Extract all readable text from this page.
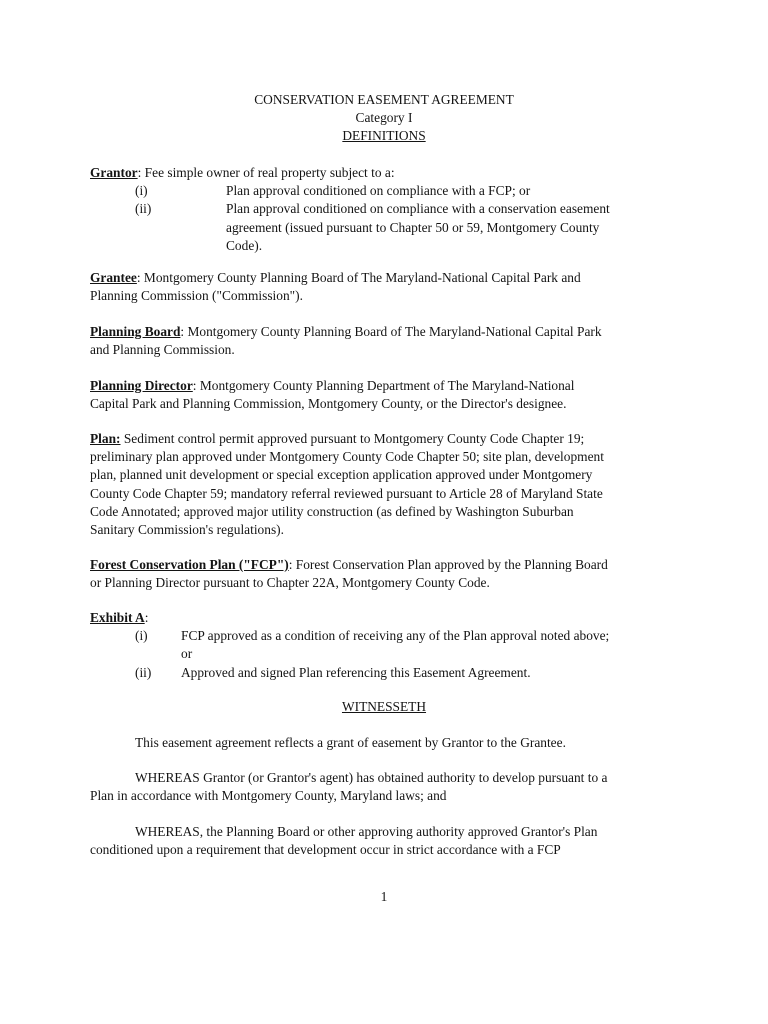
CONSERVATION EASEMENT AGREEMENT
Category I
DEFINITIONS
Grantor: Fee simple owner of real property subject to a:
(i)	Plan approval conditioned on compliance with a FCP; or
(ii)	Plan approval conditioned on compliance with a conservation easement
agreement (issued pursuant to Chapter 50 or 59, Montgomery County
Code).
Grantee: Montgomery County Planning Board of The Maryland-National Capital Park and
Planning Commission ("Commission").
Planning Board: Montgomery County Planning Board of The Maryland-National Capital Park
and Planning Commission.
Planning Director: Montgomery County Planning Department of The Maryland-National
Capital Park and Planning Commission, Montgomery County, or the Director's designee.
Plan: Sediment control permit approved pursuant to Montgomery County Code Chapter 19;
preliminary plan approved under Montgomery County Code Chapter 50; site plan, development
plan, planned unit development or special exception application approved under Montgomery
County Code Chapter 59; mandatory referral reviewed pursuant to Article 28 of Maryland State
Code Annotated; approved major utility construction (as defined by Washington Suburban
Sanitary Commission's regulations).
Forest Conservation Plan ("FCP"): Forest Conservation Plan approved by the Planning Board
or Planning Director pursuant to Chapter 22A, Montgomery County Code.
Exhibit A:
(i) FCP approved as a condition of receiving any of the Plan approval noted above;
or
(ii) Approved and signed Plan referencing this Easement Agreement.
WITNESSETH
This easement agreement reflects a grant of easement by Grantor to the Grantee.
WHEREAS Grantor (or Grantor's agent) has obtained authority to develop pursuant to a
Plan in accordance with Montgomery County, Maryland laws; and
WHEREAS, the Planning Board or other approving authority approved Grantor's Plan
conditioned upon a requirement that development occur in strict accordance with a FCP
1
